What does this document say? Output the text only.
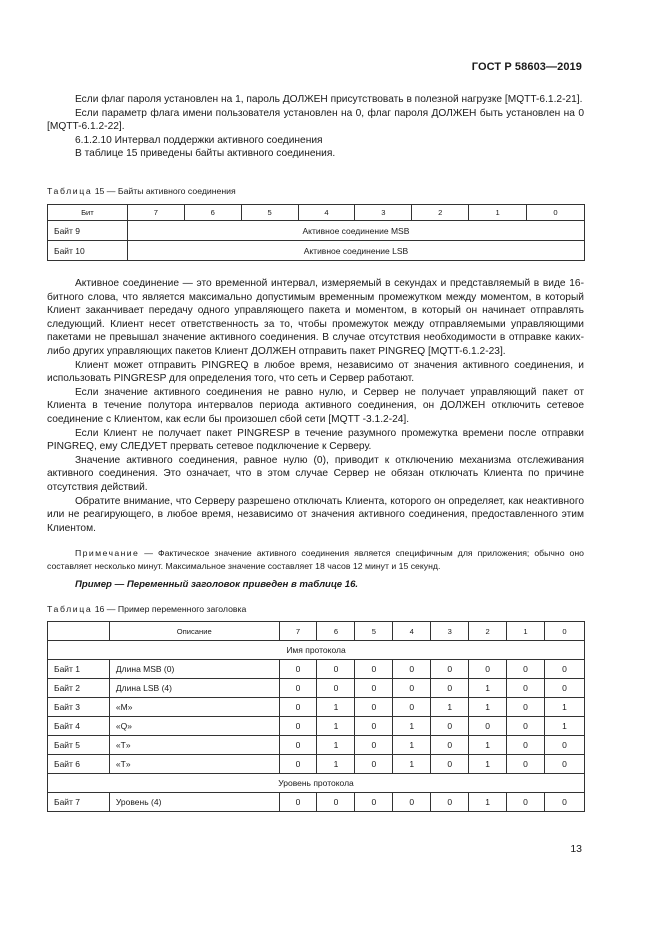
ГОСТ Р 58603—2019

Если флаг пароля установлен на 1, пароль ДОЛЖЕН присутствовать в полезной нагрузке [MQTT-6.1.2-21].

Если параметр флага имени пользователя установлен на 0, флаг пароля ДОЛЖЕН быть установлен на 0 [MQTT-6.1.2-22].

6.1.2.10 Интервал поддержки активного соединения

В таблице 15 приведены байты активного соединения.

Таблица 15 — Байты активного соединения
Бит	7	6	5	4	3	2	1	0
Байт 9	Активное соединение MSB							
Байт 10	Активное соединение LSB							

Активное соединение — это временной интервал, измеряемый в секундах и представляемый в виде 16-битного слова, что является максимально допустимым временным промежутком между моментом, в который Клиент заканчивает передачу одного управляющего пакета и моментом, в который он начинает отправлять следующий. Клиент несет ответственность за то, чтобы промежуток между отправляемыми управляющими пакетами не превышал значение активного соединения. В случае отсутствия необходимости в отправке каких-либо других управляющих пакетов Клиент ДОЛЖЕН отправить пакет PINGREQ [MQTT-6.1.2-23].

Клиент может отправить PINGREQ в любое время, независимо от значения активного соединения, и использовать PINGRESP для определения того, что сеть и Сервер работают.

Если значение активного соединения не равно нулю, и Сервер не получает управляющий пакет от Клиента в течение полутора интервалов периода активного соединения, он ДОЛЖЕН отключить сетевое соединение с Клиентом, как если бы произошел сбой сети [MQTT -3.1.2-24].

Если Клиент не получает пакет PINGRESP в течение разумного промежутка времени после отправки PINGREQ, ему СЛЕДУЕТ прервать сетевое подключение к Серверу.

Значение активного соединения, равное нулю (0), приводит к отключению механизма отслеживания активного соединения. Это означает, что в этом случае Сервер не обязан отключать Клиента по причине отсутствия действий.

Обратите внимание, что Серверу разрешено отключать Клиента, которого он определяет, как неактивного или не реагирующего, в любое время, независимо от значения активного соединения, предоставленного этим Клиентом.

Примечание — Фактическое значение активного соединения является специфичным для приложения; обычно оно составляет несколько минут. Максимальное значение составляет 18 часов 12 минут и 15 секунд.

Пример — Переменный заголовок приведен в таблице 16.
Таблица 16 — Пример переменного заголовка
	Описание	7	6	5	4	3	2	1	0
Имя протокола									
Байт 1	Длина MSB (0)	0	0	0	0	0	0	0	0
Байт 2	Длина LSB (4)	0	0	0	0	0	1	0	0
Байт 3	«M»	0	1	0	0	1	1	0	1
Байт 4	«Q»	0	1	0	1	0	0	0	1
Байт 5	«T»	0	1	0	1	0	1	0	0
Байт 6	«T»	0	1	0	1	0	1	0	0
Уровень протокола									
Байт 7	Уровень (4)	0	0	0	0	0	1	0	0
13
